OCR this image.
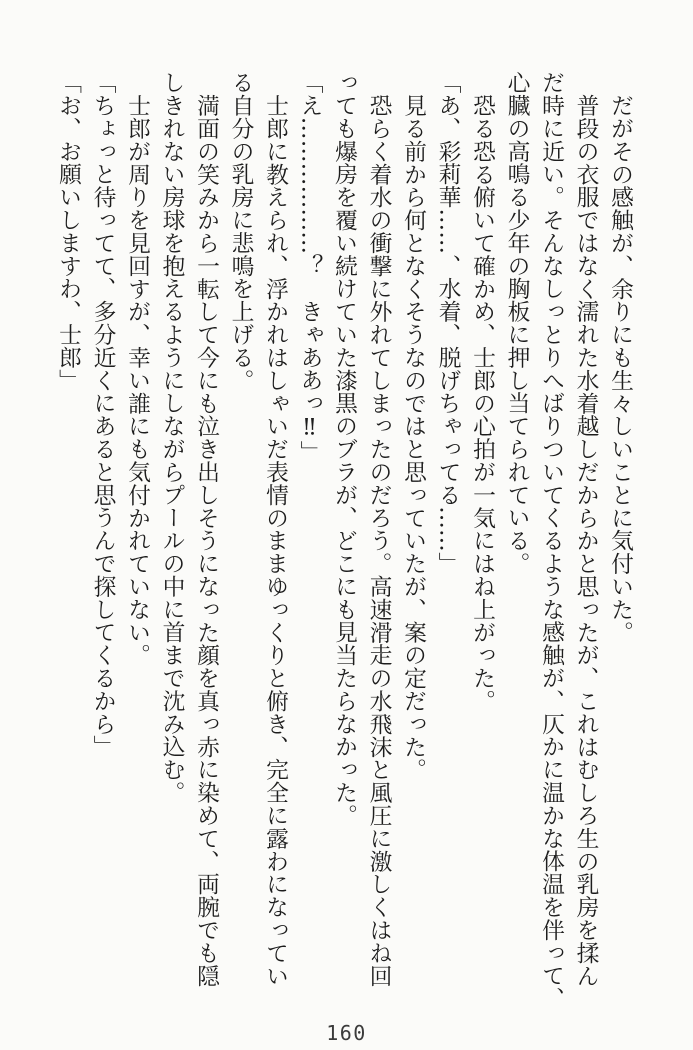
だがその感触が、余りにも生々しいことに気付いた。
普段の衣服ではなく濡れた水着越しだからかと思ったが、これはむしろ生の乳房を揉ん
だ時に近い。そんなしっとりへばりついてくるような感触が、仄かに温かな体温を伴って、
心臓の高鳴る少年の胸板に押し当てられている。
恐る恐る俯いて確かめ、士郎の心拍が一気にはね上がった。
「あ、彩莉華……、水着、脱げちゃってる……」
見る前から何となくそうなのではと思っていたが、案の定だった。
恐らく着水の衝撃に外れてしまったのだろう。高速滑走の水飛沫と風圧に激しくはね回
っても爆房を覆い続けていた漆黒のブラが、どこにも見当たらなかった。
「え………………？　きゃああっ‼」
士郎に教えられ、浮かれはしゃいだ表情のままゆっくりと俯き、完全に露わになってい
る自分の乳房に悲鳴を上げる。
満面の笑みから一転して今にも泣き出しそうになった顔を真っ赤に染めて、両腕でも隠
しきれない房球を抱えるようにしながらプールの中に首まで沈み込む。
士郎が周りを見回すが、幸い誰にも気付かれていない。
「ちょっと待ってて、多分近くにあると思うんで探してくるから」
「お、お願いしますわ、士郎」
160
